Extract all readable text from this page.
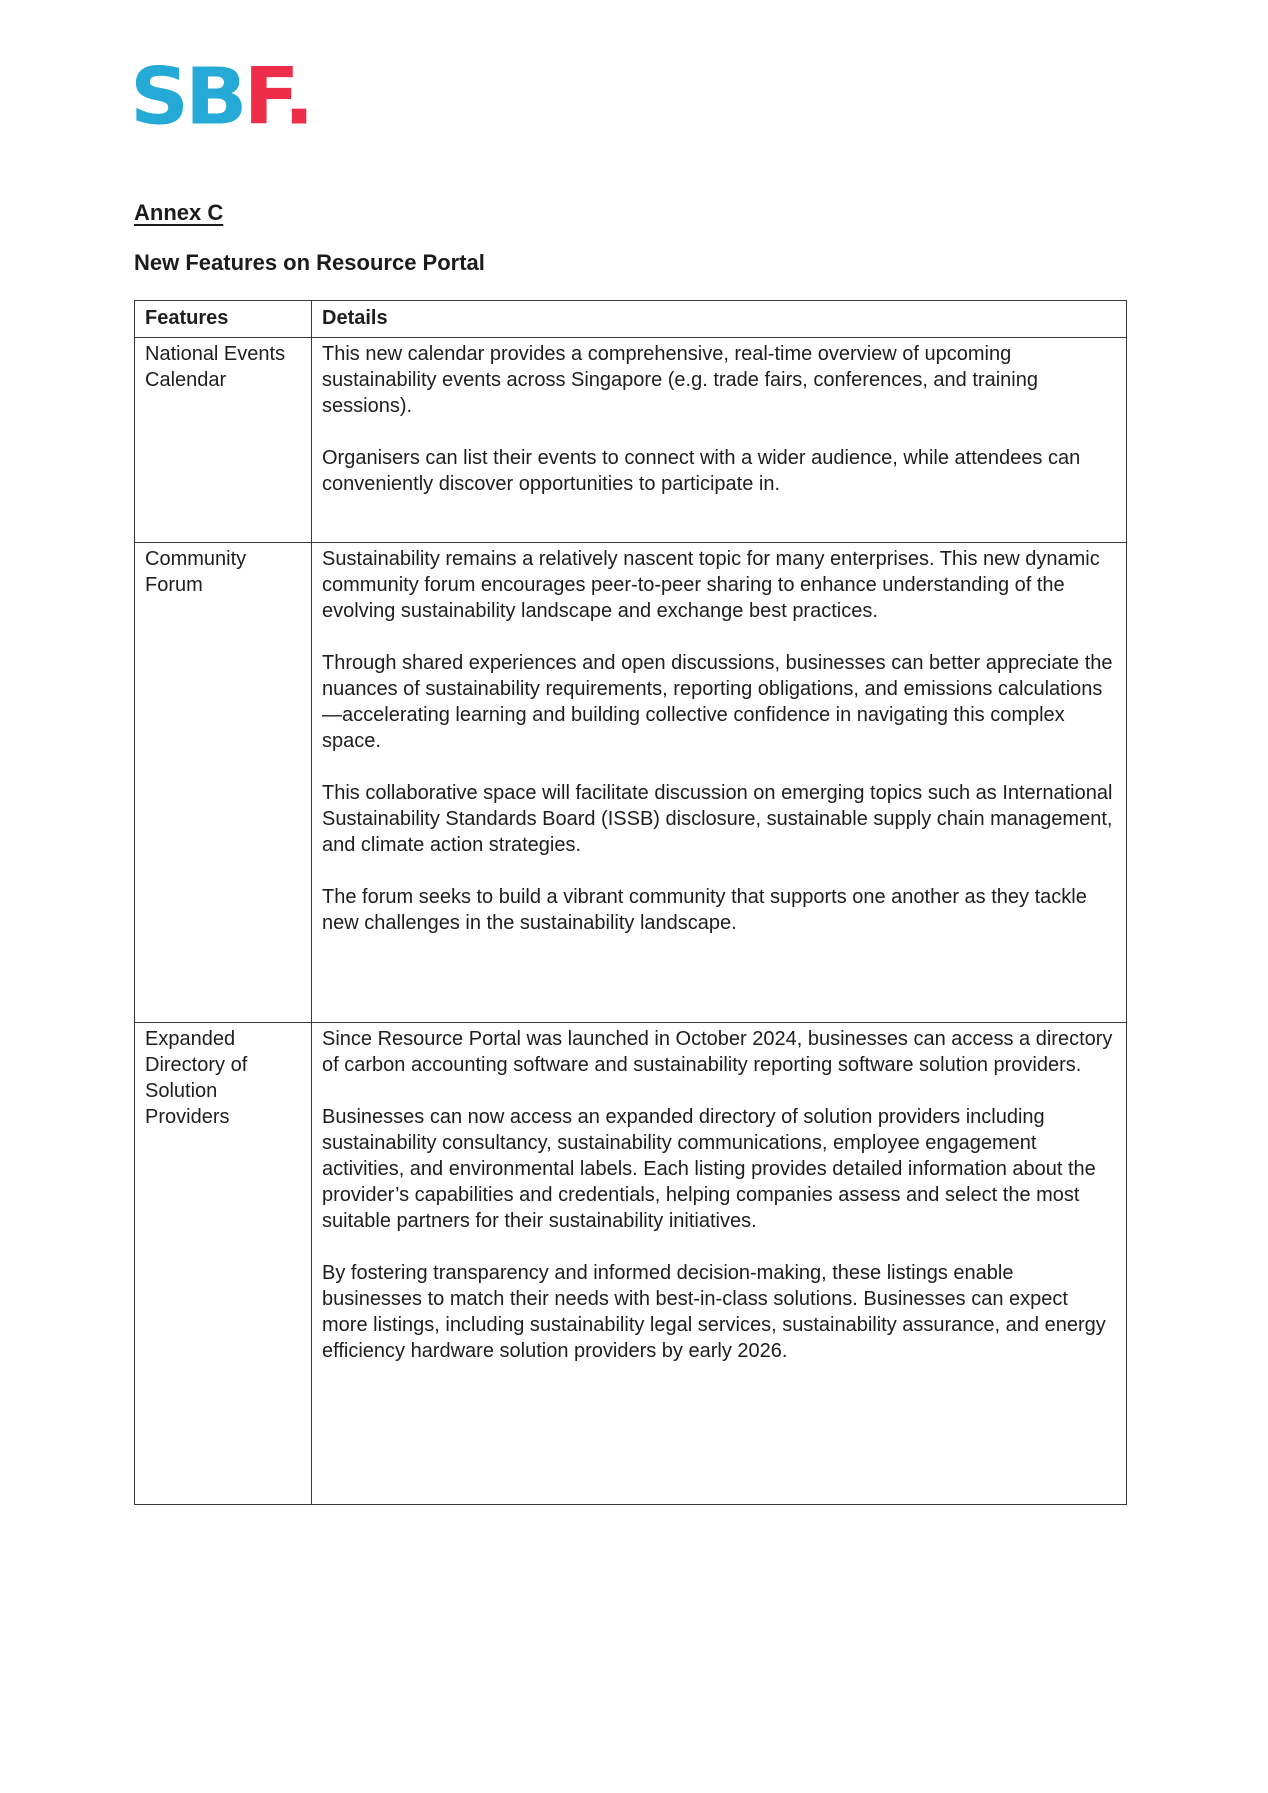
SBF.
Annex C
New Features on Resource Portal
Features	Details
National Events Calendar	This new calendar provides a comprehensive, real-time overview of upcoming sustainability events across Singapore (e.g. trade fairs, conferences, and training sessions).

Organisers can list their events to connect with a wider audience, while attendees can conveniently discover opportunities to participate in.

Community Forum	Sustainability remains a relatively nascent topic for many enterprises. This new dynamic community forum encourages peer-to-peer sharing to enhance understanding of the evolving sustainability landscape and exchange best practices.

Through shared experiences and open discussions, businesses can better appreciate the nuances of sustainability requirements, reporting obligations, and emissions calculations—accelerating learning and building collective confidence in navigating this complex space.

This collaborative space will facilitate discussion on emerging topics such as International Sustainability Standards Board (ISSB) disclosure, sustainable supply chain management, and climate action strategies.

The forum seeks to build a vibrant community that supports one another as they tackle new challenges in the sustainability landscape.

Expanded Directory of Solution Providers	Since Resource Portal was launched in October 2024, businesses can access a directory of carbon accounting software and sustainability reporting software solution providers.

Businesses can now access an expanded directory of solution providers including sustainability consultancy, sustainability communications, employee engagement activities, and environmental labels. Each listing provides detailed information about the provider’s capabilities and credentials, helping companies assess and select the most suitable partners for their sustainability initiatives.

By fostering transparency and informed decision-making, these listings enable businesses to match their needs with best-in-class solutions. Businesses can expect more listings, including sustainability legal services, sustainability assurance, and energy efficiency hardware solution providers by early 2026.
